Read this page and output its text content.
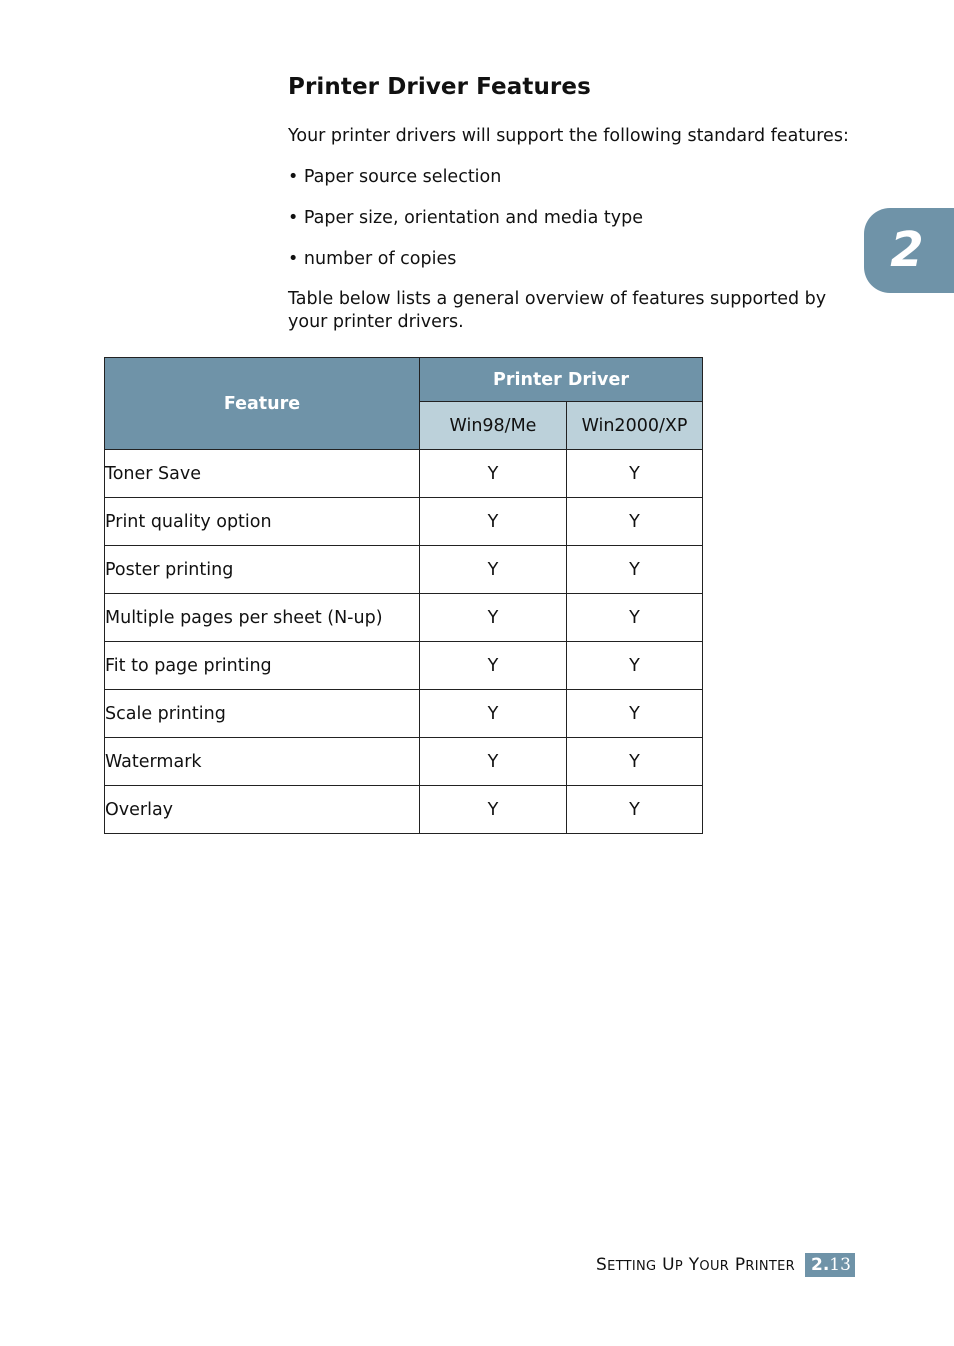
Printer Driver Features

Your printer drivers will support the following standard features:

• Paper source selection

• Paper size, orientation and media type

• number of copies

Table below lists a general overview of features supported by your printer drivers.

2
Feature	Printer Driver	
	Win98/Me	Win2000/XP
Toner Save	Y	Y
Print quality option	Y	Y
Poster printing	Y	Y
Multiple pages per sheet (N-up)	Y	Y
Fit to page printing	Y	Y
Scale printing	Y	Y
Watermark	Y	Y
Overlay	Y	Y
SETTING UP YOUR PRINTER 2.13
